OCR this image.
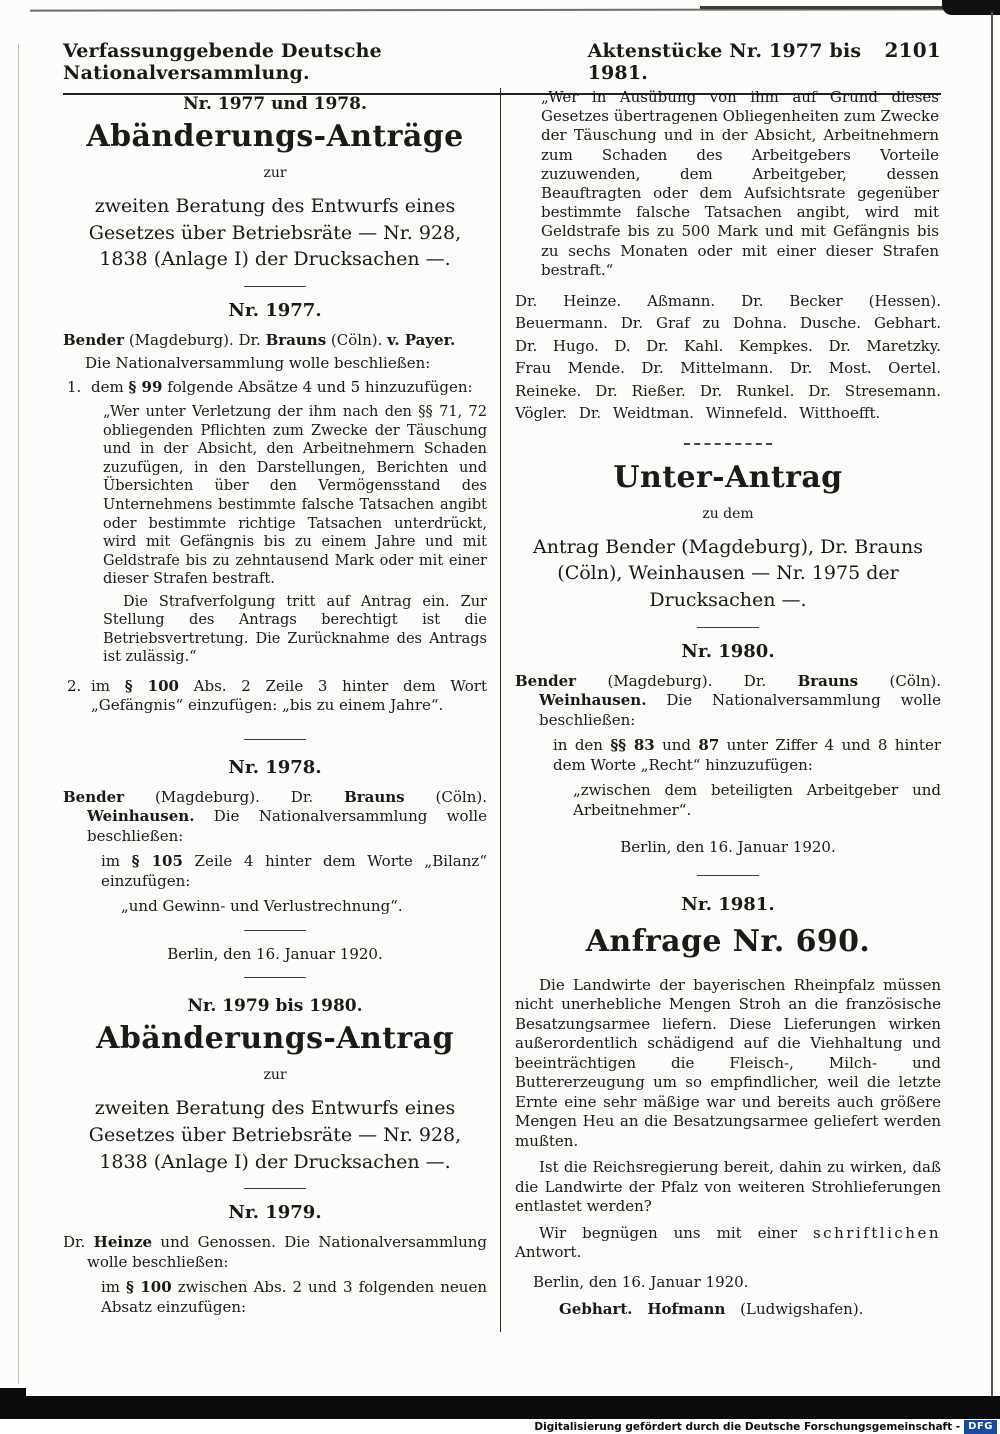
Verfassunggebende Deutsche Nationalversammlung.
Aktenstücke Nr. 1977 bis 1981.
2101
Nr. 1977 und 1978.
Abänderungs-Anträge
zur

zweiten Beratung des Entwurfs eines Gesetzes über Betriebsräte — Nr. 928, 1838 (Anlage I) der Drucksachen —.

Nr. 1977.

Bender (Magdeburg). Dr. Brauns (Cöln). v. Payer.

Die Nationalversammlung wolle beschließen:

1. dem § 99 folgende Absätze 4 und 5 hinzuzufügen:

„Wer unter Verletzung der ihm nach den §§ 71, 72 obliegenden Pflichten zum Zwecke der Täuschung und in der Absicht, den Arbeitnehmern Schaden zuzufügen, in den Darstellungen, Berichten und Übersichten über den Vermögensstand des Unternehmens bestimmte falsche Tatsachen angibt oder bestimmte richtige Tatsachen unterdrückt, wird mit Gefängnis bis zu einem Jahre und mit Geldstrafe bis zu zehntausend Mark oder mit einer dieser Strafen bestraft.

Die Strafverfolgung tritt auf Antrag ein. Zur Stellung des Antrags berechtigt ist die Betriebsvertretung. Die Zurücknahme des Antrags ist zulässig.“

2. im § 100 Abs. 2 Zeile 3 hinter dem Wort „Gefängnis“ einzufügen: „bis zu einem Jahre“.

Nr. 1978.

Bender (Magdeburg). Dr. Brauns (Cöln). Weinhausen. Die Nationalversammlung wolle beschließen:

im § 105 Zeile 4 hinter dem Worte „Bilanz“ einzufügen:

„und Gewinn- und Verlustrechnung“.

Berlin, den 16. Januar 1920.

Nr. 1979 bis 1980.
Abänderungs-Antrag
zur

zweiten Beratung des Entwurfs eines Gesetzes über Betriebsräte — Nr. 928, 1838 (Anlage I) der Drucksachen —.

Nr. 1979.

Dr. Heinze und Genossen. Die Nationalversammlung wolle beschließen:

im § 100 zwischen Abs. 2 und 3 folgenden neuen Absatz einzufügen:

„Wer in Ausübung von ihm auf Grund dieses Gesetzes übertragenen Obliegenheiten zum Zwecke der Täuschung und in der Absicht, Arbeitnehmern zum Schaden des Arbeitgebers Vorteile zuzuwenden, dem Arbeitgeber, dessen Beauftragten oder dem Aufsichtsrate gegenüber bestimmte falsche Tatsachen angibt, wird mit Geldstrafe bis zu 500 Mark und mit Gefängnis bis zu sechs Monaten oder mit einer dieser Strafen bestraft.“

Dr. Heinze. Aßmann. Dr. Becker (Hessen). Beuermann. Dr. Graf zu Dohna. Dusche. Gebhart. Dr. Hugo. D. Dr. Kahl. Kempkes. Dr. Maretzky. Frau Mende. Dr. Mittelmann. Dr. Most. Oertel. Reineke. Dr. Rießer. Dr. Runkel. Dr. Stresemann. Vögler. Dr. Weidtman. Winnefeld. Witthoefft.

Unter-Antrag
zu dem

Antrag Bender (Magdeburg), Dr. Brauns (Cöln), Weinhausen — Nr. 1975 der Drucksachen —.

Nr. 1980.

Bender (Magdeburg). Dr. Brauns (Cöln). Weinhausen. Die Nationalversammlung wolle beschließen:

in den §§ 83 und 87 unter Ziffer 4 und 8 hinter dem Worte „Recht“ hinzuzufügen:

„zwischen dem beteiligten Arbeitgeber und Arbeitnehmer“.

Berlin, den 16. Januar 1920.

Nr. 1981.
Anfrage Nr. 690.

Die Landwirte der bayerischen Rheinpfalz müssen nicht unerhebliche Mengen Stroh an die französische Besatzungsarmee liefern. Diese Lieferungen wirken außerordentlich schädigend auf die Viehhaltung und beeinträchtigen die Fleisch-, Milch- und Buttererzeugung um so empfindlicher, weil die letzte Ernte eine sehr mäßige war und bereits auch größere Mengen Heu an die Besatzungsarmee geliefert werden mußten.

Ist die Reichsregierung bereit, dahin zu wirken, daß die Landwirte der Pfalz von weiteren Strohlieferungen entlastet werden?

Wir begnügen uns mit einer schriftlichen Antwort.

Berlin, den 16. Januar 1920.

Gebhart. Hofmann (Ludwigshafen).

Digitalisierung gefördert durch die Deutsche Forschungsgemeinschaft - DFG
